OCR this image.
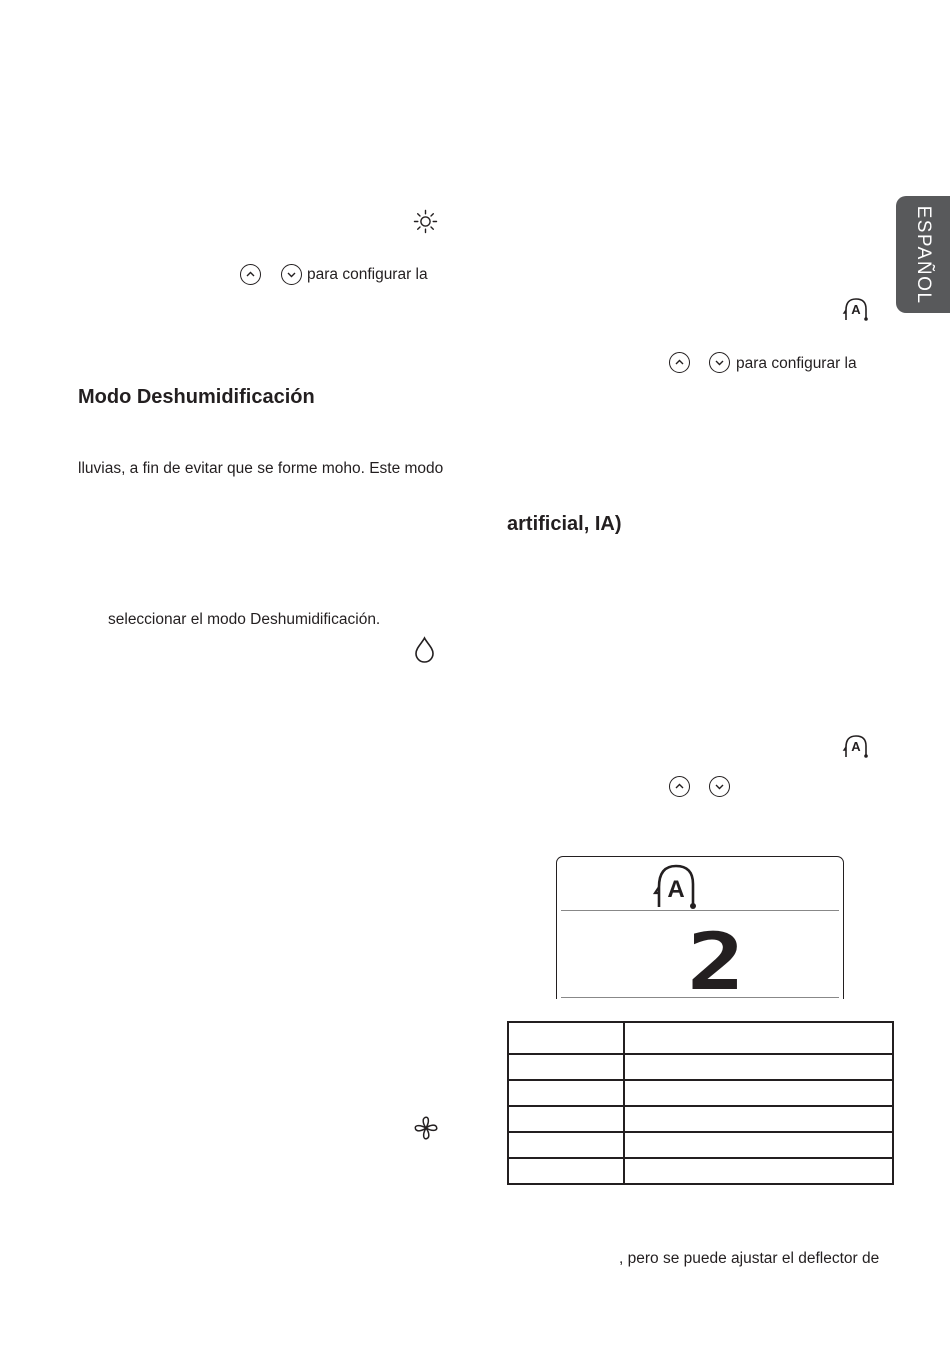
ESPAÑOL
para configurar la
A
para configurar la
Modo Deshumidificación
lluvias, a fin de evitar que se forme moho. Este modo
artificial, IA)
seleccionar el modo Deshumidificación.
A
A
2

, pero se puede ajustar el deflector de
